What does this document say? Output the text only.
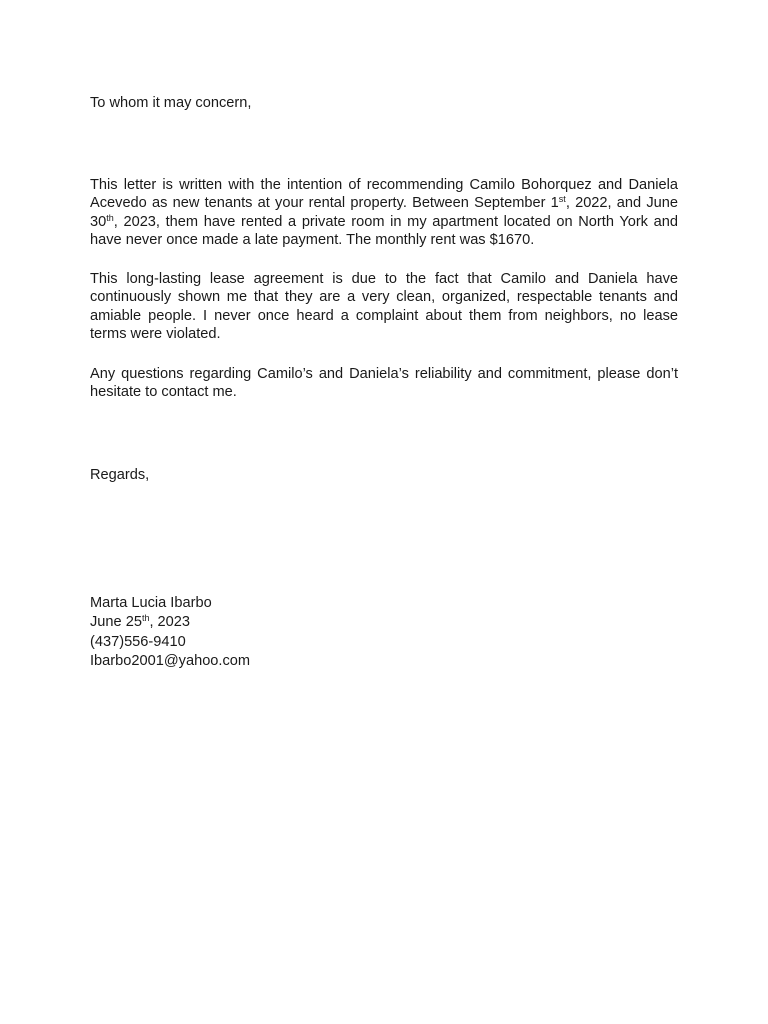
To whom it may concern,

This letter is written with the intention of recommending Camilo Bohorquez and Daniela Acevedo as new tenants at your rental property. Between September 1st, 2022, and June 30th, 2023, them have rented a private room in my apartment located on North York and have never once made a late payment. The monthly rent was $1670.

This long-lasting lease agreement is due to the fact that Camilo and Daniela have continuously shown me that they are a very clean, organized, respectable tenants and amiable people. I never once heard a complaint about them from neighbors, no lease terms were violated.

Any questions regarding Camilo’s and Daniela’s reliability and commitment, please don’t hesitate to contact me.

Regards,

Marta Lucia Ibarbo
June 25th, 2023
(437)556-9410
Ibarbo2001@yahoo.com
